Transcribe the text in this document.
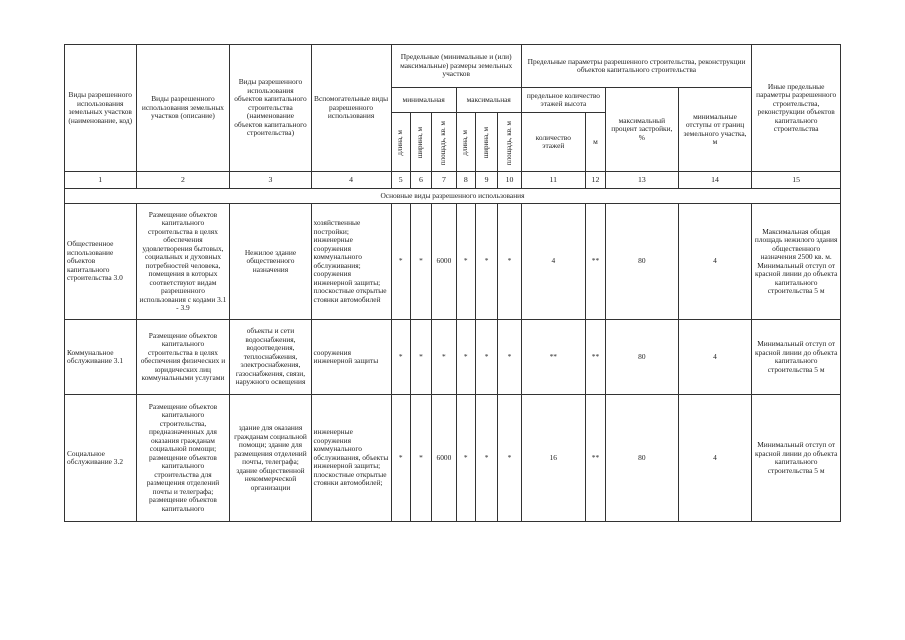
Виды разрешенного использования земельных участков (наименование, код)	Виды разрешенного использования земельных участков (описание)	Виды разрешенного использования объектов капитального строительства (наименование объектов капитального строительства)	Вспомогательные виды разрешенного использования	Предельные (минимальные и (или) максимальные) размеры земельных участков						Предельные параметры разрешенного строительства, реконструкции объектов капитального строительства				Иные предельные параметры разрешенного строительства, реконструкции объектов капитального строительства
				минимальная			максимальная			предельное количество этажей высота		максимальный процент застройки, %	минимальные отступы от границ земельного участка, м	
				длина, м	ширина, м	площадь, кв. м	длина, м	ширина, м	площадь, кв. м	количество этажей	м			
1	2	3	4	5	6	7	8	9	10	11	12	13	14	15
Основные виды разрешенного использования														
Общественное использование объектов капитального строительства 3.0	Размещение объектов капитального строительства в целях обеспечения удовлетворения бытовых, социальных и духовных потребностей человека, помещения в которых соответствуют видам разрешенного использования с кодами 3.1 - 3.9	Нежилое здание общественного назначения	хозяйственные постройки; инженерные сооружения коммунального обслуживания; сооружения инженерной защиты; плоскостные открытые стоянки автомобилей	*	*	6000	*	*	*	4	**	80	4	Максимальная общая площадь нежилого здания общественного назначения 2500 кв. м. Минимальный отступ от красной линии до объекта капитального строительства 5 м
Коммунальное обслуживание 3.1	Размещение объектов капитального строительства в целях обеспечения физических и юридических лиц коммунальными услугами	объекты и сети водоснабжения, водоотведения, теплоснабжения, электроснабжения, газоснабжения, связи, наружного освещения	сооружения инженерной защиты	*	*	*	*	*	*	**	**	80	4	Минимальный отступ от красной линии до объекта капитального строительства 5 м
Социальное обслуживание 3.2	Размещение объектов капитального строительства, предназначенных для оказания гражданам социальной помощи; размещение объектов капитального строительства для размещения отделений почты и телеграфа; размещение объектов капитального	здание для оказания гражданам социальной помощи; здание для размещения отделений почты, телеграфа; здание общественной некоммерческой организации	инженерные сооружения коммунального обслуживания, объекты инженерной защиты; плоскостные открытые стоянки автомобилей;	*	*	6000	*	*	*	16	**	80	4	Минимальный отступ от красной линии до объекта капитального строительства 5 м
